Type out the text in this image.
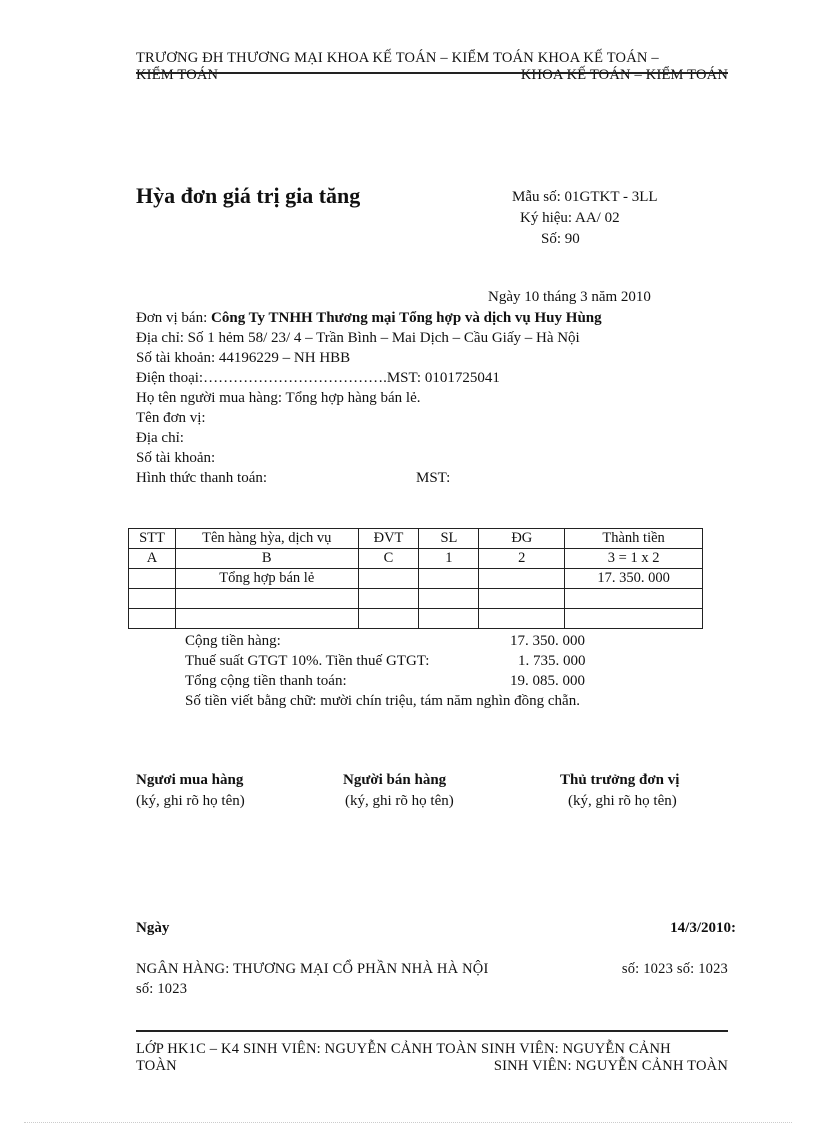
TRƯƠNG ĐH THƯƠNG MẠI KHOA KẾ TOÁN – KIỂM TOÁN KHOA KẾ TOÁN –
KIỂM TOÁN	KHOA KẾ TOÁN – KIỂM TOÁN
Hỳa đơn giá trị gia tăng	Mẫu số: 01GTKT - 3LL
Ký hiệu: AA/ 02
Số: 90
Ngày 10 tháng 3 năm 2010
Đơn vị bán: Công Ty TNHH Thương mại Tổng hợp và dịch vụ Huy Hùng
Địa chỉ: Số 1 hẻm 58/ 23/ 4 – Trần Bình – Mai Dịch – Cầu Giấy – Hà Nội
Số tài khoản: 44196229 – NH HBB
Điện thoại:……………………………….MST: 0101725041
Họ tên người mua hàng: Tổng hợp hàng bán lẻ.
Tên đơn vị:
Địa chỉ:
Số tài khoản:
Hình thức thanh toán:	MST:
STT	Tên hàng hỳa, dịch vụ	ĐVT	SL	ĐG	Thành tiền
A	B	C	1	2	3 = 1 x 2
	Tổng hợp bán lẻ				17. 350. 000

Cộng tiền hàng:	17. 350. 000
Thuế suất GTGT 10%. Tiền thuế GTGT:	1. 735. 000
Tổng cộng tiền thanh toán:	19. 085. 000
Số tiền viết bằng chữ: mười chín triệu, tám năm nghìn đồng chẵn.
Ngươi mua hàng
(ký, ghi rõ họ tên)
Người bán hàng
(ký, ghi rõ họ tên)
Thủ trưởng đơn vị
(ký, ghi rõ họ tên)
Ngày	14/3/2010:
NGÂN HÀNG: THƯƠNG MẠI CỔ PHẦN NHÀ HÀ NỘI	số: 1023 số: 1023
số: 1023
LỚP HK1C – K4 SINH VIÊN: NGUYỄN CẢNH TOÀN SINH VIÊN: NGUYỄN CẢNH
TOÀN	SINH VIÊN: NGUYỄN CẢNH TOÀN
